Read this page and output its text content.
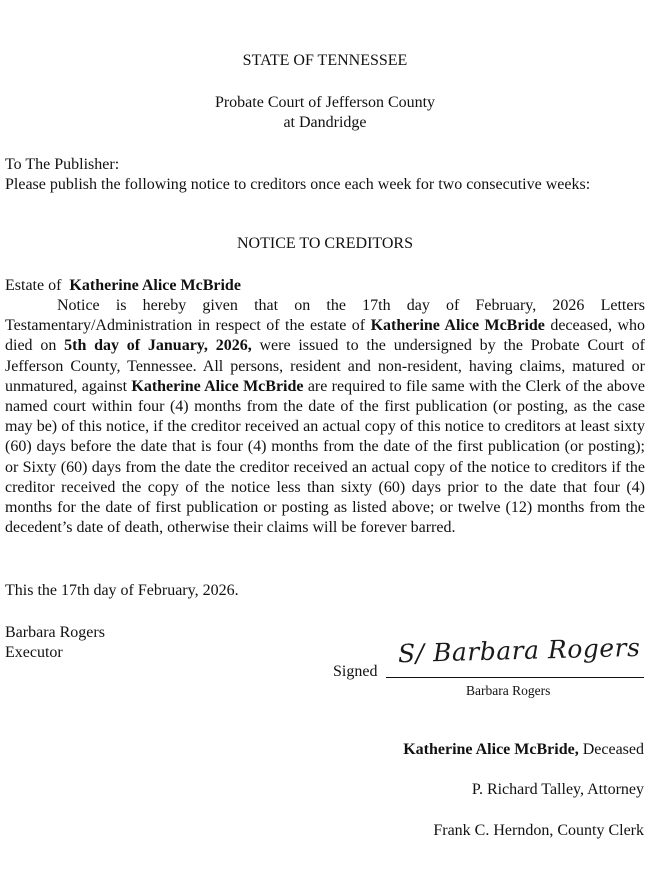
STATE OF TENNESSEE
Probate Court of Jefferson County
at Dandridge
To The Publisher:
Please publish the following notice to creditors once each week for two consecutive weeks:
NOTICE TO CREDITORS
Estate of Katherine Alice McBride
Notice is hereby given that on the 17th day of February, 2026 Letters Testamentary/Administration in respect of the estate of Katherine Alice McBride deceased, who died on 5th day of January, 2026, were issued to the undersigned by the Probate Court of Jefferson County, Tennessee. All persons, resident and non-resident, having claims, matured or unmatured, against Katherine Alice McBride are required to file same with the Clerk of the above named court within four (4) months from the date of the first publication (or posting, as the case may be) of this notice, if the creditor received an actual copy of this notice to creditors at least sixty (60) days before the date that is four (4) months from the date of the first publication (or posting); or Sixty (60) days from the date the creditor received an actual copy of the notice to creditors if the creditor received the copy of the notice less than sixty (60) days prior to the date that four (4) months for the date of first publication or posting as listed above; or twelve (12) months from the decedent’s date of death, otherwise their claims will be forever barred.
This the 17th day of February, 2026.
Barbara Rogers
Executor
Signed
S/ Barbara Rogers
Barbara Rogers
Katherine Alice McBride, Deceased
P. Richard Talley, Attorney
Frank C. Herndon, County Clerk
